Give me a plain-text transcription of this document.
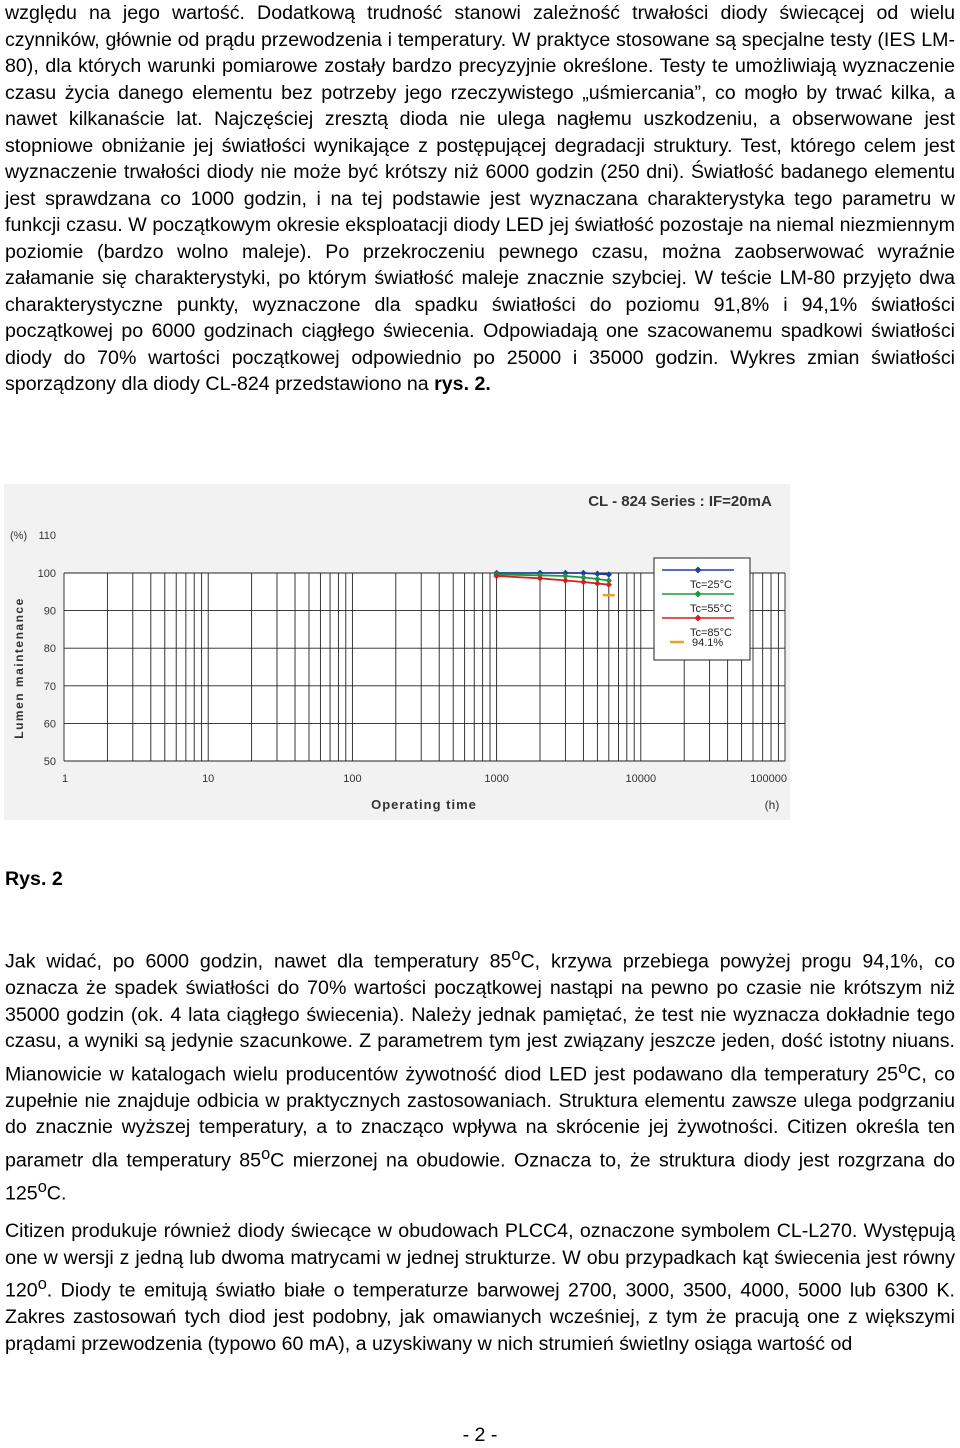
względu na jego wartość. Dodatkową trudność stanowi zależność trwałości diody świecącej od wielu czynników, głównie od prądu przewodzenia i temperatury. W praktyce stosowane są specjalne testy (IES LM-80), dla których warunki pomiarowe zostały bardzo precyzyjnie określone. Testy te umożliwiają wyznaczenie czasu życia danego elementu bez potrzeby jego rzeczywistego „uśmiercania”, co mogło by trwać kilka, a nawet kilkanaście lat. Najczęściej zresztą dioda nie ulega nagłemu uszkodzeniu, a obserwowane jest stopniowe obniżanie jej światłości wynikające z postępującej degradacji struktury. Test, którego celem jest wyznaczenie trwałości diody nie może być krótszy niż 6000 godzin (250 dni). Światłość badanego elementu jest sprawdzana co 1000 godzin, i na tej podstawie jest wyznaczana charakterystyka tego parametru w funkcji czasu. W początkowym okresie eksploatacji diody LED jej światłość pozostaje na niemal niezmiennym poziomie (bardzo wolno maleje). Po przekroczeniu pewnego czasu, można zaobserwować wyraźnie załamanie się charakterystyki, po którym światłość maleje znacznie szybciej. W teście LM-80 przyjęto dwa charakterystyczne punkty, wyznaczone dla spadku światłości do poziomu 91,8% i 94,1% światłości początkowej po 6000 godzinach ciągłego świecenia. Odpowiadają one szacowanemu spadkowi światłości diody do 70% wartości początkowej odpowiednio po 25000 i 35000 godzin. Wykres zmian światłości sporządzony dla diody CL-824 przedstawiono na rys. 2.

110
100
90
80
70
60
50
1	10	100	1000	10000	100000
CL - 824 Series : IF=20mA
(%)
Operating time	(h)
Lumen maintenance
Tc=25°C
Tc=55°C
Tc=85°C
94.1%

Rys. 2

Jak widać, po 6000 godzin, nawet dla temperatury 85$^o$C, krzywa przebiega powyżej progu 94,1%, co oznacza że spadek światłości do 70% wartości początkowej nastąpi na pewno po czasie nie krótszym niż 35000 godzin (ok. 4 lata ciągłego świecenia). Należy jednak pamiętać, że test nie wyznacza dokładnie tego czasu, a wyniki są jedynie szacunkowe. Z parametrem tym jest związany jeszcze jeden, dość istotny niuans. Mianowicie w katalogach wielu producentów żywotność diod LED jest podawano dla temperatury 25$^o$C, co zupełnie nie znajduje odbicia w praktycznych zastosowaniach. Struktura elementu zawsze ulega podgrzaniu do znacznie wyższej temperatury, a to znacząco wpływa na skrócenie jej żywotności. Citizen określa ten parametr dla temperatury 85$^o$C mierzonej na obudowie. Oznacza to, że struktura diody jest rozgrzana do 125$^o$C.

Citizen produkuje również diody świecące w obudowach PLCC4, oznaczone symbolem CL-L270. Występują one w wersji z jedną lub dwoma matrycami w jednej strukturze. W obu przypadkach kąt świecenia jest równy 120$^o$. Diody te emitują światło białe o temperaturze barwowej 2700, 3000, 3500, 4000, 5000 lub 6300 K. Zakres zastosowań tych diod jest podobny, jak omawianych wcześniej, z tym że pracują one z większymi prądami przewodzenia (typowo 60 mA), a uzyskiwany w nich strumień świetlny osiąga wartość od

- 2 -
